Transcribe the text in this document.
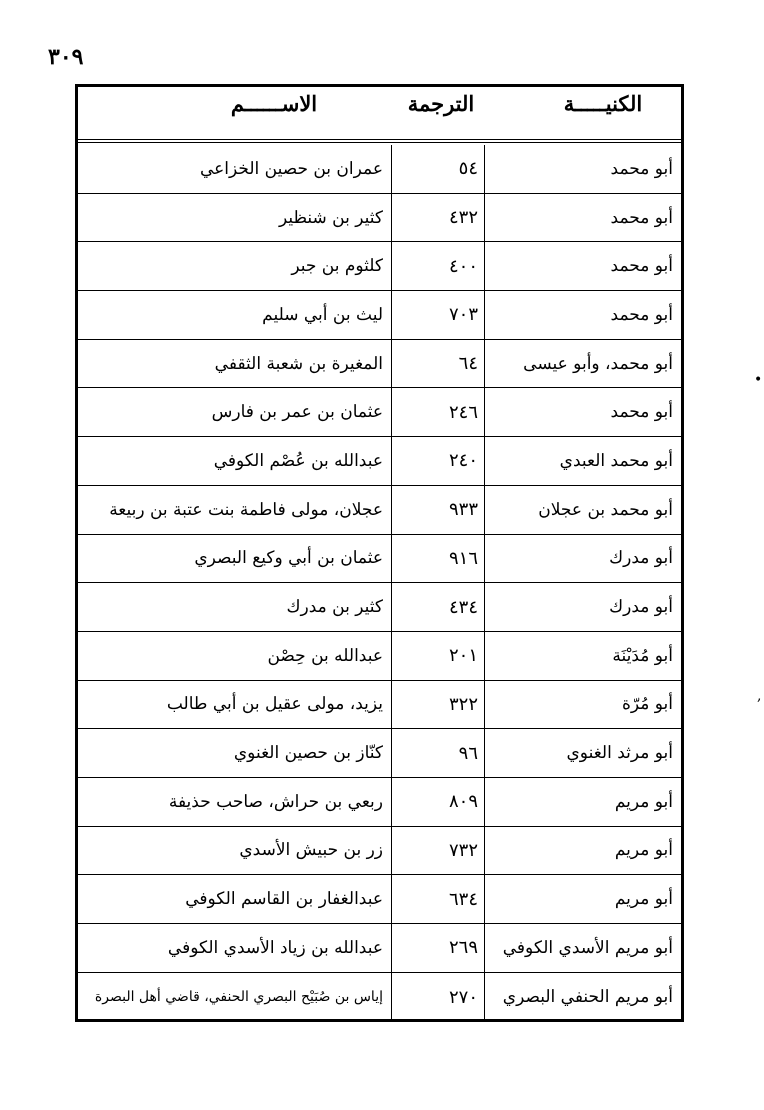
٣٠٩
•
,
الاســــــم	الترجمة	الكنيـــــة
أبو محمد
٥٤
عمران بن حصين الخزاعي
أبو محمد
٤٣٢
كثير بن شنظير
أبو محمد
٤٠٠
كلثوم بن جبر
أبو محمد
٧٠٣
ليث بن أبي سليم
أبو محمد، وأبو عيسى
٦٤
المغيرة بن شعبة الثقفي
أبو محمد
٢٤٦
عثمان بن عمر بن فارس
أبو محمد العبدي
٢٤٠
عبدالله بن عُصْم الكوفي
أبو محمد بن عجلان
٩٣٣
عجلان، مولى فاطمة بنت عتبة بن ربيعة
أبو مدرك
٩١٦
عثمان بن أبي وكيع البصري
أبو مدرك
٤٣٤
كثير بن مدرك
أبو مُدَيْنَة
٢٠١
عبدالله بن حِصْن
أبو مُرّة
٣٢٢
يزيد، مولى عقيل بن أبي طالب
أبو مرثد الغنوي
٩٦
كنّاز بن حصين الغنوي
أبو مريم
٨٠٩
ربعي بن حراش، صاحب حذيفة
أبو مريم
٧٣٢
زر بن حبيش الأسدي
أبو مريم
٦٣٤
عبدالغفار بن القاسم الكوفي
أبو مريم الأسدي الكوفي
٢٦٩
عبدالله بن زياد الأسدي الكوفي
أبو مريم الحنفي البصري
٢٧٠
إياس بن صُبَيْح البصري الحنفي، قاضي أهل البصرة
